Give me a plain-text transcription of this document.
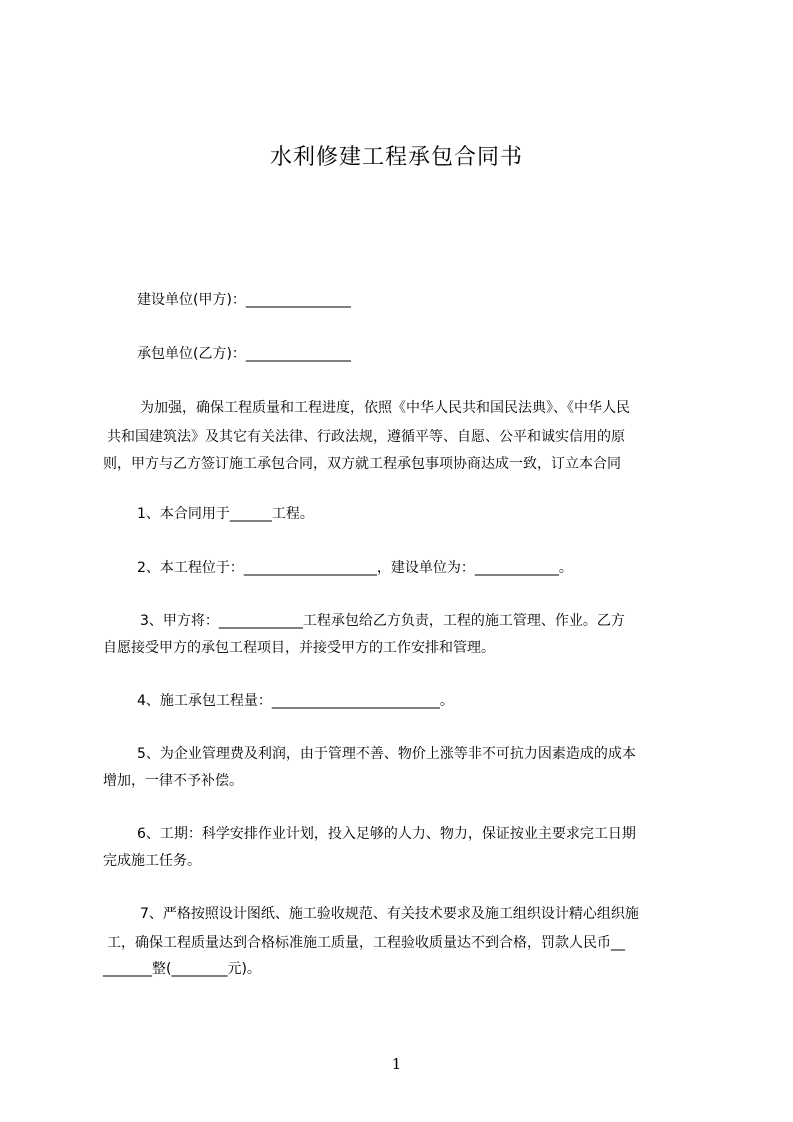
水利修建工程承包合同书
建设单位(甲方)：_______________
承包单位(乙方)：_______________
为加强，确保工程质量和工程进度，依照《中华人民共和国民法典》、《中华人民
共和国建筑法》及其它有关法律、行政法规，遵循平等、自愿、公平和诚实信用的原
则，甲方与乙方签订施工承包合同，双方就工程承包事项协商达成一致，订立本合同
1、本合同用于______工程。
2、本工程位于：___________________，建设单位为：____________。
3、甲方将：____________工程承包给乙方负责，工程的施工管理、作业。乙方
自愿接受甲方的承包工程项目，并接受甲方的工作安排和管理。
4、施工承包工程量：________________________。
5、为企业管理费及利润，由于管理不善、物价上涨等非不可抗力因素造成的成本
增加，一律不予补偿。
6、工期：科学安排作业计划，投入足够的人力、物力，保证按业主要求完工日期
完成施工任务。
7、严格按照设计图纸、施工验收规范、有关技术要求及施工组织设计精心组织施
工，确保工程质量达到合格标准施工质量，工程验收质量达不到合格，罚款人民币__
_______整(________元)。
1
